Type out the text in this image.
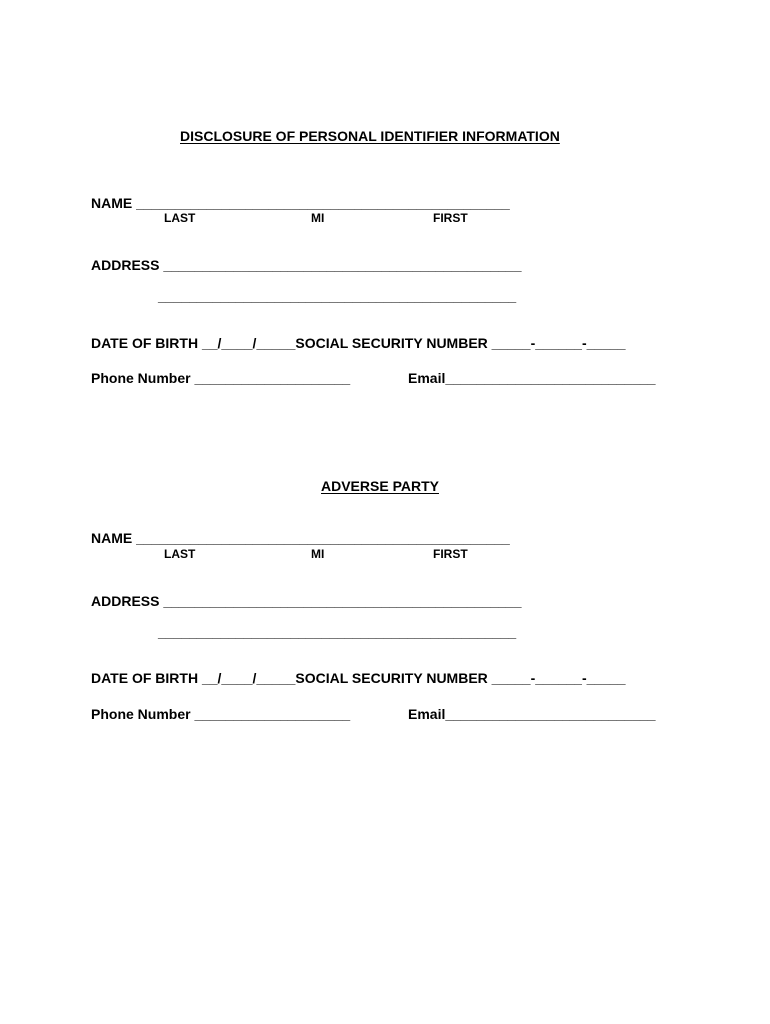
DISCLOSURE OF PERSONAL IDENTIFIER INFORMATION
NAME ________________________________________________
LAST	MI	FIRST
ADDRESS ______________________________________________
______________________________________________
DATE OF BIRTH __/____/_____SOCIAL SECURITY NUMBER _____-______-_____
Phone Number ____________________	Email___________________________
ADVERSE PARTY
NAME ________________________________________________
LAST	MI	FIRST
ADDRESS ______________________________________________
______________________________________________
DATE OF BIRTH __/____/_____SOCIAL SECURITY NUMBER _____-______-_____
Phone Number ____________________	Email___________________________
